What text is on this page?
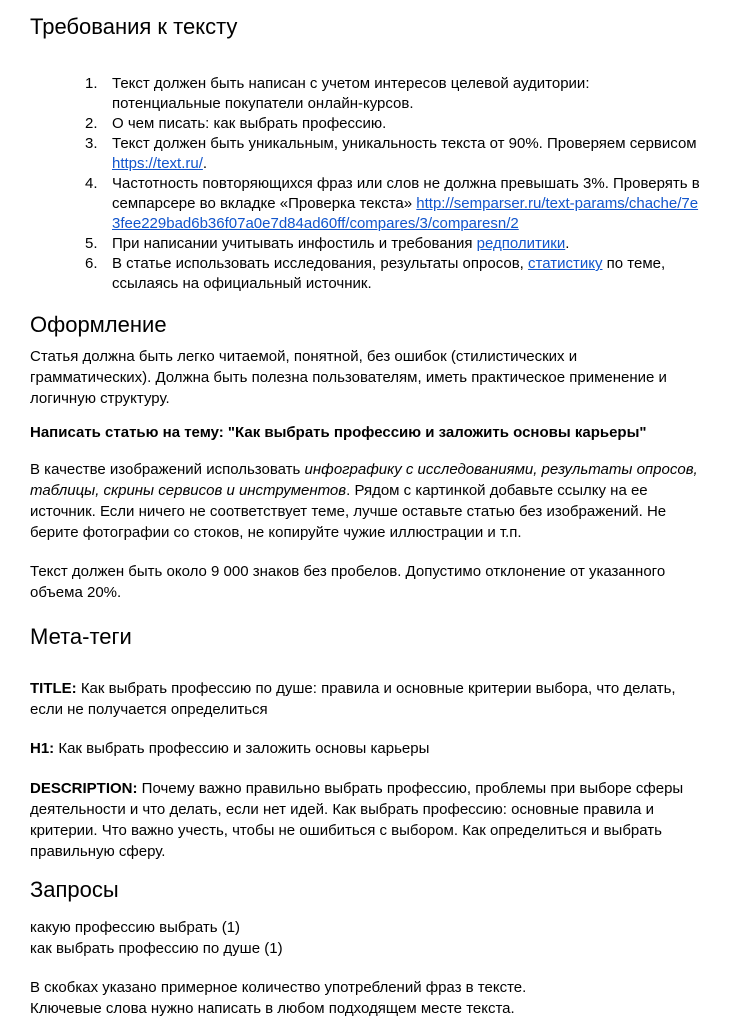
Требования к тексту
Текст должен быть написан с учетом интересов целевой аудитории: потенциальные покупатели онлайн-курсов.
О чем писать: как выбрать профессию.
Текст должен быть уникальным, уникальность текста от 90%. Проверяем сервисом https://text.ru/.
Частотность повторяющихся фраз или слов не должна превышать 3%. Проверять в семпарсере во вкладке «Проверка текста» http://semparser.ru/text-params/chache/7e3fee229bad6b36f07a0e7d84ad60ff/compares/3/comparesn/2
При написании учитывать инфостиль и требования редполитики.
В статье использовать исследования, результаты опросов, статистику по теме, ссылаясь на официальный источник.
Оформление

Статья должна быть легко читаемой, понятной, без ошибок (стилистических и грамматических). Должна быть полезна пользователям, иметь практическое применение и логичную структуру.

Написать статью на тему: "Как выбрать профессию и заложить основы карьеры"

В качестве изображений использовать инфографику с исследованиями, результаты опросов, таблицы, скрины сервисов и инструментов. Рядом с картинкой добавьте ссылку на ее источник. Если ничего не соответствует теме, лучше оставьте статью без изображений. Не берите фотографии со стоков, не копируйте чужие иллюстрации и т.п.

Текст должен быть около 9 000 знаков без пробелов. Допустимо отклонение от указанного объема 20%.

Мета-теги

TITLE: Как выбрать профессию по душе: правила и основные критерии выбора, что делать, если не получается определиться

H1: Как выбрать профессию и заложить основы карьеры

DESCRIPTION: Почему важно правильно выбрать профессию, проблемы при выборе сферы деятельности и что делать, если нет идей. Как выбрать профессию: основные правила и критерии. Что важно учесть, чтобы не ошибиться с выбором. Как определиться и выбрать правильную сферу.

Запросы

какую профессию выбрать (1)

как выбрать профессию по душе (1)

В скобках указано примерное количество употреблений фраз в тексте.

Ключевые слова нужно написать в любом подходящем месте текста.
